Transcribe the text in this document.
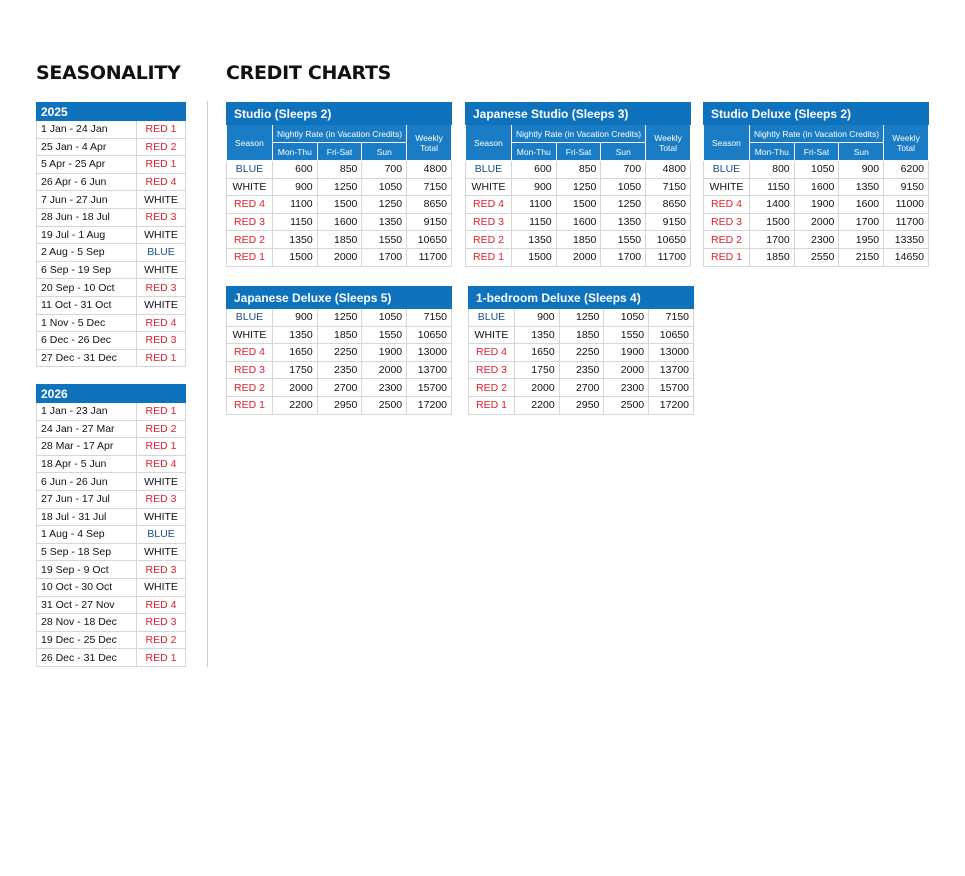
SEASONALITY CREDIT CHARTS
2025	
1 Jan - 24 Jan	RED 1
25 Jan - 4 Apr	RED 2
5 Apr - 25 Apr	RED 1
26 Apr - 6 Jun	RED 4
7 Jun - 27 Jun	WHITE
28 Jun - 18 Jul	RED 3
19 Jul - 1 Aug	WHITE
2 Aug - 5 Sep	BLUE
6 Sep - 19 Sep	WHITE
20 Sep - 10 Oct	RED 3
11 Oct - 31 Oct	WHITE
1 Nov - 5 Dec	RED 4
6 Dec - 26 Dec	RED 3
27 Dec - 31 Dec	RED 1
2026	
1 Jan - 23 Jan	RED 1
24 Jan - 27 Mar	RED 2
28 Mar - 17 Apr	RED 1
18 Apr - 5 Jun	RED 4
6 Jun - 26 Jun	WHITE
27 Jun - 17 Jul	RED 3
18 Jul - 31 Jul	WHITE
1 Aug - 4 Sep	BLUE
5 Sep - 18 Sep	WHITE
19 Sep - 9 Oct	RED 3
10 Oct - 30 Oct	WHITE
31 Oct - 27 Nov	RED 4
28 Nov - 18 Dec	RED 3
19 Dec - 25 Dec	RED 2
26 Dec - 31 Dec	RED 1
Studio (Sleeps 2)				
Season	Nightly Rate (in Vacation Credits)			Weekly Total
	Mon-Thu	Fri-Sat	Sun	
BLUE	600	850	700	4800
WHITE	900	1250	1050	7150
RED 4	1100	1500	1250	8650
RED 3	1150	1600	1350	9150
RED 2	1350	1850	1550	10650
RED 1	1500	2000	1700	11700
Japanese Studio (Sleeps 3)				
Season	Nightly Rate (in Vacation Credits)			Weekly Total
	Mon-Thu	Fri-Sat	Sun	
BLUE	600	850	700	4800
WHITE	900	1250	1050	7150
RED 4	1100	1500	1250	8650
RED 3	1150	1600	1350	9150
RED 2	1350	1850	1550	10650
RED 1	1500	2000	1700	11700
Studio Deluxe (Sleeps 2)				
Season	Nightly Rate (in Vacation Credits)			Weekly Total
	Mon-Thu	Fri-Sat	Sun	
BLUE	800	1050	900	6200
WHITE	1150	1600	1350	9150
RED 4	1400	1900	1600	11000
RED 3	1500	2000	1700	11700
RED 2	1700	2300	1950	13350
RED 1	1850	2550	2150	14650
Japanese Deluxe (Sleeps 5)				
BLUE	900	1250	1050	7150
WHITE	1350	1850	1550	10650
RED 4	1650	2250	1900	13000
RED 3	1750	2350	2000	13700
RED 2	2000	2700	2300	15700
RED 1	2200	2950	2500	17200
1-bedroom Deluxe (Sleeps 4)				
BLUE	900	1250	1050	7150
WHITE	1350	1850	1550	10650
RED 4	1650	2250	1900	13000
RED 3	1750	2350	2000	13700
RED 2	2000	2700	2300	15700
RED 1	2200	2950	2500	17200
